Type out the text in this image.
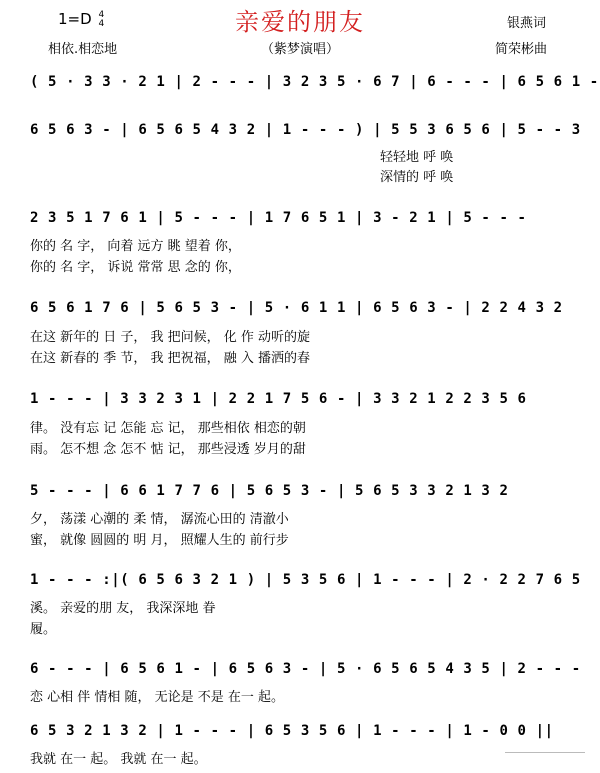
亲爱的朋友
1=D 4
4
相依.相恋地	（紫梦演唱）
银燕词
简荣彬曲
( 5 · 3 3 · 2 1 | 2 - - - | 3 2 3 5 · 6 7 | 6 - - - | 6 5 6 1 -
6 5 6 3 - | 6 5 6 5 4 3 2 | 1 - - - ) | 5 5 3 6 5 6 | 5 - - 3
轻轻地 呼 唤
深情的 呼 唤
2 3 5 1 7 6 1 | 5 - - - | 1 7 6 5 1 | 3 - 2 1 | 5 - - -
你的 名 字， 向着 远方 眺 望着 你，
你的 名 字， 诉说 常常 思 念的 你，
6 5 6 1 7 6 | 5 6 5 3 - | 5 · 6 1 1 | 6 5 6 3 - | 2 2 4 3 2
在这 新年的 日 子， 我 把问候， 化 作 动听的旋
在这 新春的 季 节， 我 把祝福， 融 入 播洒的春
1 - - - | 3 3 2 3 1 | 2 2 1 7 5 6 - | 3 3 2 1 2 2 3 5 6
律。 没有忘 记 怎能 忘 记， 那些相依 相恋的朝
雨。 怎不想 念 怎不 惦 记， 那些浸透 岁月的甜
5 - - - | 6 6 1 7 7 6 | 5 6 5 3 - | 5 6 5 3 3 2 1 3 2
夕， 荡漾 心潮的 柔 情， 潺流心田的 清澈小
蜜， 就像 圆圆的 明 月， 照耀人生的 前行步
1 - - - :|( 6 5 6 3 2 1 ) | 5 3 5 6 | 1 - - - | 2 · 2 2 7 6 5
溪。 亲爱的朋 友， 我深深地 眷
履。
6 - - - | 6 5 6 1 - | 6 5 6 3 - | 5 · 6 5 6 5 4 3 5 | 2 - - -
恋 心相 伴 情相 随， 无论是 不是 在一 起。
6 5 3 2 1 3 2 | 1 - - - | 6 5 3 5 6 | 1 - - - | 1 - 0 0 ||
我就 在一 起。 我就 在一 起。
